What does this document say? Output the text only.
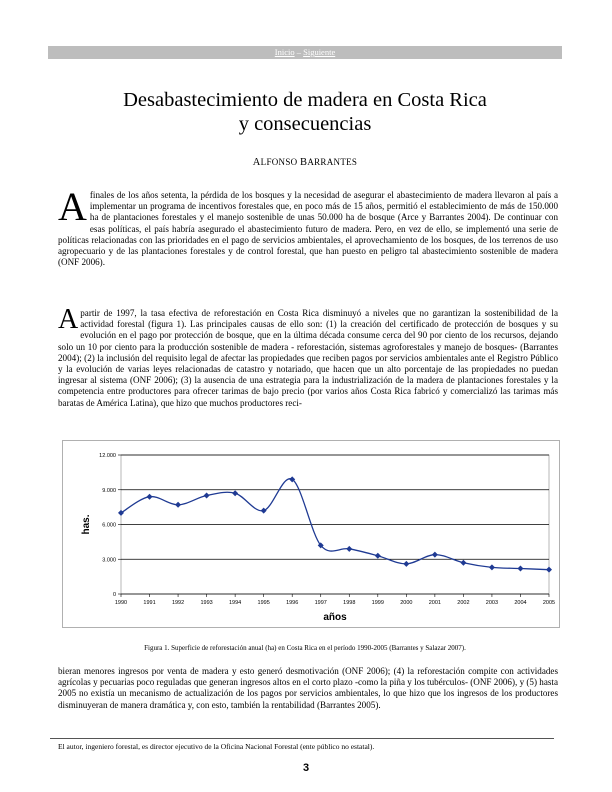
Inicio – Siguiente
Desabastecimiento de madera en Costa Rica
y consecuencias
ALFONSO BARRANTES
Afinales de los años setenta, la pérdida de los bosques y la necesidad de asegurar el abastecimiento de madera llevaron al país a implementar un programa de incentivos forestales que, en poco más de 15 años, permitió el establecimiento de más de 150.000 ha de plantaciones forestales y el manejo sostenible de unas 50.000 ha de bosque (Arce y Barrantes 2004). De continuar con esas políticas, el país habría asegurado el abastecimiento futuro de madera. Pero, en vez de ello, se implementó una serie de políticas relacionadas con las prioridades en el pago de servicios ambientales, el aprovechamiento de los bosques, de los terrenos de uso agropecuario y de las plantaciones forestales y de control forestal, que han puesto en peligro tal abastecimiento sostenible de madera (ONF 2006).
Apartir de 1997, la tasa efectiva de reforestación en Costa Rica disminuyó a niveles que no garantizan la sostenibilidad de la actividad forestal (figura 1). Las principales causas de ello son: (1) la creación del certificado de protección de bosques y su evolución en el pago por protección de bosque, que en la última década consume cerca del 90 por ciento de los recursos, dejando solo un 10 por ciento para la producción sostenible de madera - reforestación, sistemas agroforestales y manejo de bosques- (Barrantes 2004); (2) la inclusión del requisito legal de afectar las propiedades que reciben pagos por servicios ambientales ante el Registro Público y la evolución de varias leyes relacionadas de catastro y notariado, que hacen que un alto porcentaje de las propiedades no puedan ingresar al sistema (ONF 2006); (3) la ausencia de una estrategia para la industrialización de la madera de plantaciones forestales y la competencia entre productores para ofrecer tarimas de bajo precio (por varios años Costa Rica fabricó y comercializó las tarimas más baratas de América Latina), que hizo que muchos productores reci-
0
3.000
6.000
9.000
12.000
1990	1991	1992	1993	1994	1995	1996	1997	1998	1999	2000	2001	2002	2003	2004	2005
años
has.
Figura 1. Superficie de reforestación anual (ha) en Costa Rica en el período 1990-2005 (Barrantes y Salazar 2007).
bieran menores ingresos por venta de madera y esto generó desmotivación (ONF 2006); (4) la reforestación compite con actividades agrícolas y pecuarias poco reguladas que generan ingresos altos en el corto plazo -como la piña y los tubérculos- (ONF 2006), y (5) hasta 2005 no existía un mecanismo de actualización de los pagos por servicios ambientales, lo que hizo que los ingresos de los productores disminuyeran de manera dramática y, con esto, también la rentabilidad (Barrantes 2005).
El autor, ingeniero forestal, es director ejecutivo de la Oficina Nacional Forestal (ente público no estatal).
3
